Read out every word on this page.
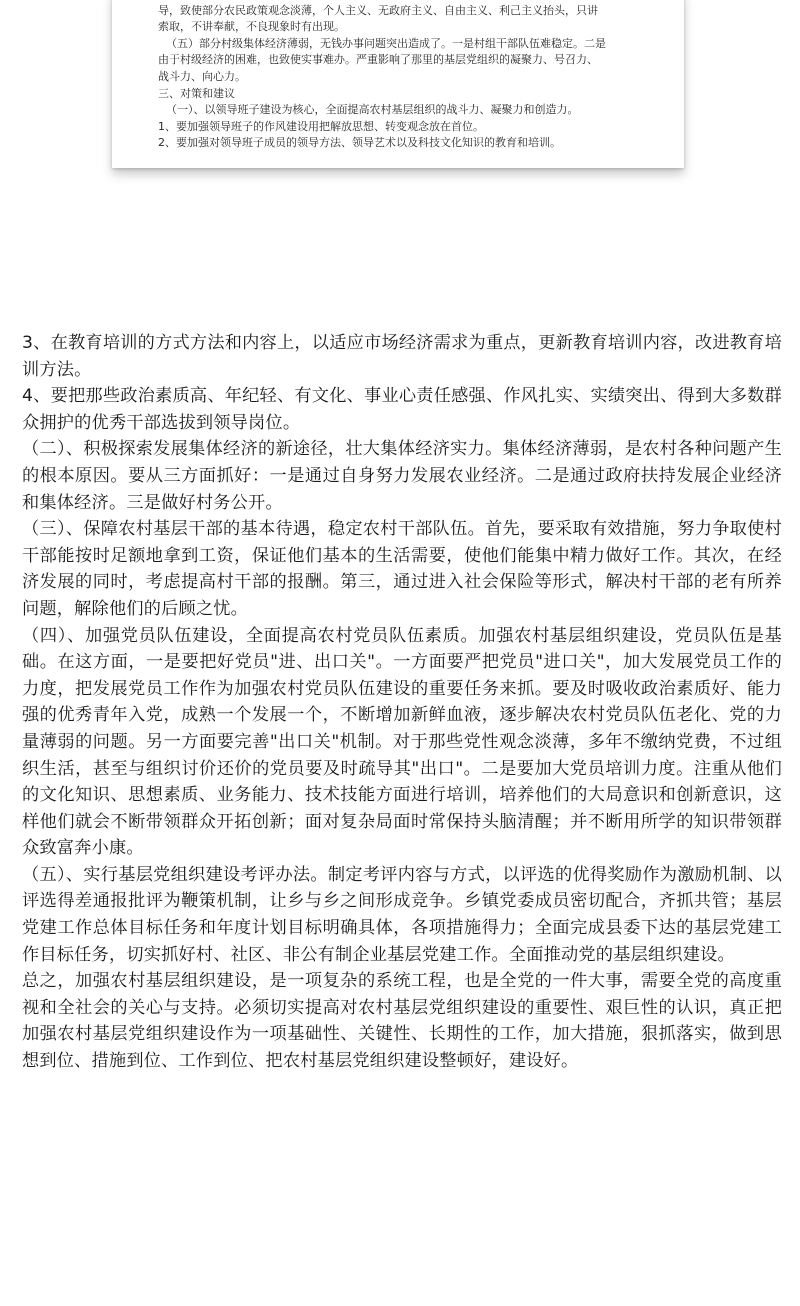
导，致使部分农民政策观念淡薄，个人主义、无政府主义、自由主义、利己主义抬头，只讲

索取，不讲奉献，不良现象时有出现。

（五）部分村级集体经济薄弱，无钱办事问题突出造成了。一是村组干部队伍难稳定。二是

由于村级经济的困难，也致使实事难办。严重影响了那里的基层党组织的凝聚力、号召力、

战斗力、向心力。

三、对策和建议

（一）、以领导班子建设为核心，全面提高农村基层组织的战斗力、凝聚力和创造力。

1、要加强领导班子的作风建设用把解放思想、转变观念放在首位。

2、要加强对领导班子成员的领导方法、领导艺术以及科技文化知识的教育和培训。

3、在教育培训的方式方法和内容上，以适应市场经济需求为重点，更新教育培训内容，改进教育培训方法。

4、要把那些政治素质高、年纪轻、有文化、事业心责任感强、作风扎实、实绩突出、得到大多数群众拥护的优秀干部选拔到领导岗位。

（二）、积极探索发展集体经济的新途径，壮大集体经济实力。集体经济薄弱，是农村各种问题产生的根本原因。要从三方面抓好：一是通过自身努力发展农业经济。二是通过政府扶持发展企业经济和集体经济。三是做好村务公开。

（三）、保障农村基层干部的基本待遇，稳定农村干部队伍。首先，要采取有效措施，努力争取使村干部能按时足额地拿到工资，保证他们基本的生活需要，使他们能集中精力做好工作。其次，在经济发展的同时，考虑提高村干部的报酬。第三，通过进入社会保险等形式，解决村干部的老有所养问题，解除他们的后顾之忧。

（四）、加强党员队伍建设，全面提高农村党员队伍素质。加强农村基层组织建设，党员队伍是基础。在这方面，一是要把好党员"进、出口关"。一方面要严把党员"进口关"，加大发展党员工作的力度，把发展党员工作作为加强农村党员队伍建设的重要任务来抓。要及时吸收政治素质好、能力强的优秀青年入党，成熟一个发展一个，不断增加新鲜血液，逐步解决农村党员队伍老化、党的力量薄弱的问题。另一方面要完善"出口关"机制。对于那些党性观念淡薄，多年不缴纳党费，不过组织生活，甚至与组织讨价还价的党员要及时疏导其"出口"。二是要加大党员培训力度。注重从他们的文化知识、思想素质、业务能力、技术技能方面进行培训，培养他们的大局意识和创新意识，这样他们就会不断带领群众开拓创新；面对复杂局面时常保持头脑清醒；并不断用所学的知识带领群众致富奔小康。

（五）、实行基层党组织建设考评办法。制定考评内容与方式，以评选的优得奖励作为激励机制、以评选得差通报批评为鞭策机制，让乡与乡之间形成竞争。乡镇党委成员密切配合，齐抓共管；基层党建工作总体目标任务和年度计划目标明确具体，各项措施得力；全面完成县委下达的基层党建工作目标任务，切实抓好村、社区、非公有制企业基层党建工作。全面推动党的基层组织建设。

总之，加强农村基层组织建设，是一项复杂的系统工程，也是全党的一件大事，需要全党的高度重视和全社会的关心与支持。必须切实提高对农村基层党组织建设的重要性、艰巨性的认识，真正把加强农村基层党组织建设作为一项基础性、关键性、长期性的工作，加大措施，狠抓落实，做到思想到位、措施到位、工作到位、把农村基层党组织建设整顿好，建设好。
